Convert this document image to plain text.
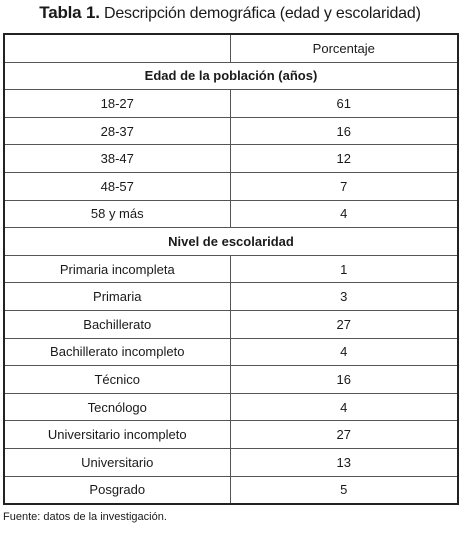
Tabla 1. Descripción demográfica (edad y escolaridad)
	Porcentaje
Edad de la población (años)	
18-27	61
28-37	16
38-47	12
48-57	7
58 y más	4
Nivel de escolaridad	
Primaria incompleta	1
Primaria	3
Bachillerato	27
Bachillerato incompleto	4
Técnico	16
Tecnólogo	4
Universitario incompleto	27
Universitario	13
Posgrado	5
Fuente: datos de la investigación.
